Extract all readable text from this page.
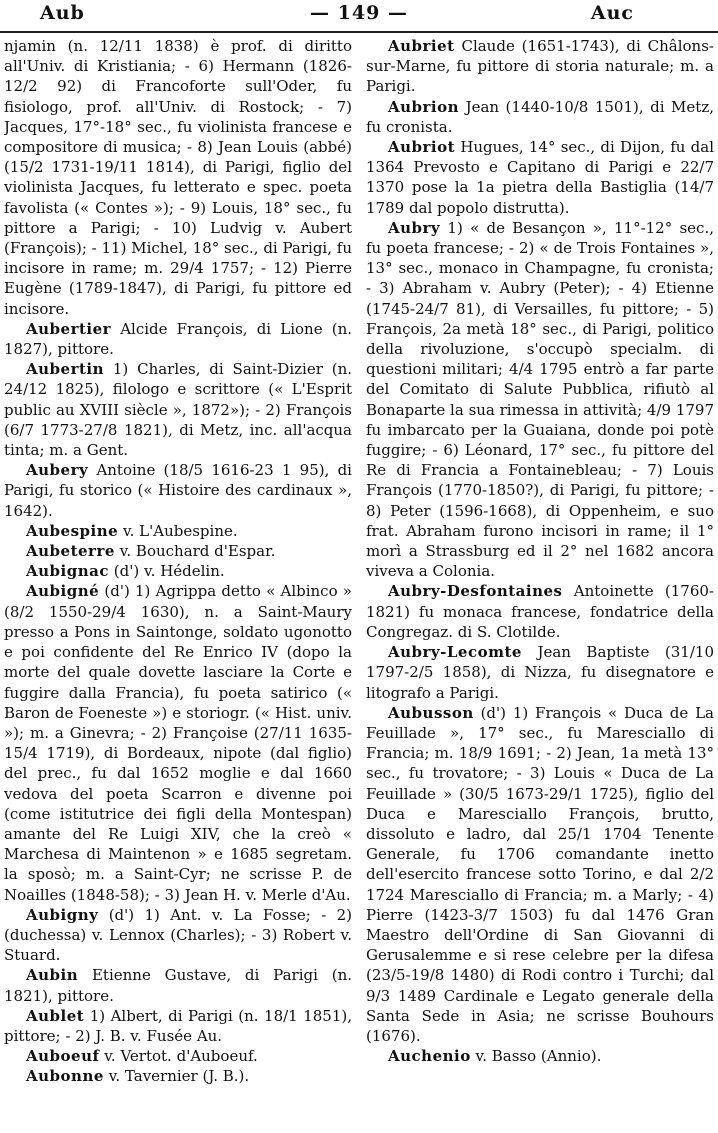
Aub	— 149 —	Auc

njamin (n. 12/11 1838) è prof. di diritto all'Univ. di Kristiania; - 6) Hermann (1826-12/2 92) di Francoforte sull'Oder, fu fisiologo, prof. all'Univ. di Rostock; - 7) Jacques, 17°-18° sec., fu violinista francese e compositore di musica; - 8) Jean Louis (abbé) (15/2 1731-19/11 1814), di Parigi, figlio del violinista Jacques, fu letterato e spec. poeta favolista (« Contes »); - 9) Louis, 18° sec., fu pittore a Parigi; - 10) Ludvig v. Aubert (François); - 11) Michel, 18° sec., di Parigi, fu incisore in rame; m. 29/4 1757; - 12) Pierre Eugène (1789-1847), di Parigi, fu pittore ed incisore.

Aubertier Alcide François, di Lione (n. 1827), pittore.

Aubertin 1) Charles, di Saint-Dizier (n. 24/12 1825), filologo e scrittore (« L'Esprit public au XVIII siècle », 1872»); - 2) François (6/7 1773-27/8 1821), di Metz, inc. all'acqua tinta; m. a Gent.

Aubery Antoine (18/5 1616-23 1 95), di Parigi, fu storico (« Histoire des cardinaux », 1642).

Aubespine v. L'Aubespine.

Aubeterre v. Bouchard d'Espar.

Aubignac (d') v. Hédelin.

Aubigné (d') 1) Agrippa detto « Albinco » (8/2 1550-29/4 1630), n. a Saint-Maury presso a Pons in Saintonge, soldato ugonotto e poi confidente del Re Enrico IV (dopo la morte del quale dovette lasciare la Corte e fuggire dalla Francia), fu poeta satirico (« Baron de Foeneste ») e storiogr. (« Hist. univ. »); m. a Ginevra; - 2) Françoise (27/11 1635-15/4 1719), di Bordeaux, nipote (dal figlio) del prec., fu dal 1652 moglie e dal 1660 vedova del poeta Scarron e divenne poi (come istitutrice dei figli della Montespan) amante del Re Luigi XIV, che la creò « Marchesa di Maintenon » e 1685 segretam. la sposò; m. a Saint-Cyr; ne scrisse P. de Noailles (1848-58); - 3) Jean H. v. Merle d'Au.

Aubigny (d') 1) Ant. v. La Fosse; - 2) (duchessa) v. Lennox (Charles); - 3) Robert v. Stuard.

Aubin Etienne Gustave, di Parigi (n. 1821), pittore.

Aublet 1) Albert, di Parigi (n. 18/1 1851), pittore; - 2) J. B. v. Fusée Au.

Auboeuf v. Vertot. d'Auboeuf.

Aubonne v. Tavernier (J. B.).

Aubriet Claude (1651-1743), di Châlons-sur-Marne, fu pittore di storia naturale; m. a Parigi.

Aubrion Jean (1440-10/8 1501), di Metz, fu cronista.

Aubriot Hugues, 14° sec., di Dijon, fu dal 1364 Prevosto e Capitano di Parigi e 22/7 1370 pose la 1a pietra della Bastiglia (14/7 1789 dal popolo distrutta).

Aubry 1) « de Besançon », 11°-12° sec., fu poeta francese; - 2) « de Trois Fontaines », 13° sec., monaco in Champagne, fu cronista; - 3) Abraham v. Aubry (Peter); - 4) Etienne (1745-24/7 81), di Versailles, fu pittore; - 5) François, 2a metà 18° sec., di Parigi, politico della rivoluzione, s'occupò specialm. di questioni militari; 4/4 1795 entrò a far parte del Comitato di Salute Pubblica, rifiutò al Bonaparte la sua rimessa in attività; 4/9 1797 fu imbarcato per la Guaiana, donde poi potè fuggire; - 6) Léonard, 17° sec., fu pittore del Re di Francia a Fontainebleau; - 7) Louis François (1770-1850?), di Parigi, fu pittore; - 8) Peter (1596-1668), di Oppenheim, e suo frat. Abraham furono incisori in rame; il 1° morì a Strassburg ed il 2° nel 1682 ancora viveva a Colonia.

Aubry-Desfontaines Antoinette (1760-1821) fu monaca francese, fondatrice della Congregaz. di S. Clotilde.

Aubry-Lecomte Jean Baptiste (31/10 1797-2/5 1858), di Nizza, fu disegnatore e litografo a Parigi.

Aubusson (d') 1) François « Duca de La Feuillade », 17° sec., fu Maresciallo di Francia; m. 18/9 1691; - 2) Jean, 1a metà 13° sec., fu trovatore; - 3) Louis « Duca de La Feuillade » (30/5 1673-29/1 1725), figlio del Duca e Maresciallo François, brutto, dissoluto e ladro, dal 25/1 1704 Tenente Generale, fu 1706 comandante inetto dell'esercito francese sotto Torino, e dal 2/2 1724 Maresciallo di Francia; m. a Marly; - 4) Pierre (1423-3/7 1503) fu dal 1476 Gran Maestro dell'Ordine di San Giovanni di Gerusalemme e si rese celebre per la difesa (23/5-19/8 1480) di Rodi contro i Turchi; dal 9/3 1489 Cardinale e Legato generale della Santa Sede in Asia; ne scrisse Bouhours (1676).

Auchenio v. Basso (Annio).
